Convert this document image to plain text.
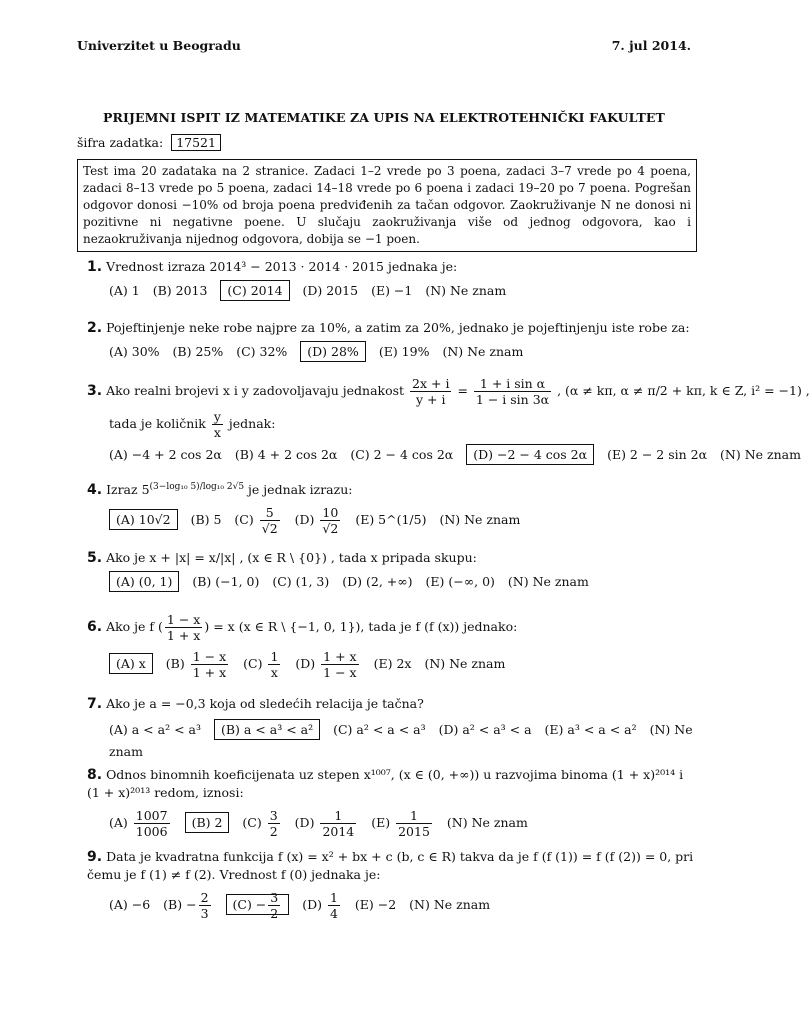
Univerzitet u Beogradu	7. jul 2014.
PRIJEMNI ISPIT IZ MATEMATIKE ZA UPIS NA ELEKTROTEHNIČKI FAKULTET
šifra zadatka: 17521
Test ima 20 zadataka na 2 stranice. Zadaci 1–2 vrede po 3 poena, zadaci 3–7 vrede po 4 poena, zadaci 8–13 vrede po 5 poena, zadaci 14–18 vrede po 6 poena i zadaci 19–20 po 7 poena. Pogrešan odgovor donosi −10% od broja poena predviđenih za tačan odgovor. Zaokruživanje N ne donosi ni pozitivne ni negativne poene. U slučaju zaokruživanja više od jednog odgovora, kao i nezaokruživanja nijednog odgovora, dobija se −1 poen.
1. Vrednost izraza 2014³ − 2013 · 2014 · 2015 jednaka je:
(A) 1 (B) 2013 (C) 2014 (D) 2015 (E) −1 (N) Ne znam
2. Pojeftinjenje neke robe najpre za 10%, a zatim za 20%, jednako je pojeftinjenju iste robe za:
(A) 30% (B) 25% (C) 32% (D) 28% (E) 19% (N) Ne znam
3. Ako realni brojevi x i y zadovoljavaju jednakost $\frac{2x + i}{y + i} = \frac{\text{1 + i sin α}}{\text{1 − i sin 3α}}$ , (α ≠ kπ, α ≠ π/2 + kπ, k ∈ Z, i² = −1) ,
tada je količnik $\frac{y}{x}$ jednak:
(A) −4 + 2 cos 2α (B) 4 + 2 cos 2α (C) 2 − 4 cos 2α (D) −2 − 4 cos 2α (E) 2 − 2 sin 2α (N) Ne znam
4. Izraz $5^{(3-log_{10} 5)/log_{10} 2√5}$ je jednak izrazu:
(A) 10√2 (B) 5 $(C) \frac{5}{√2} (D) \frac{10}{√2} (E)$ 5^(1/5) (N) Ne znam
5. Ako je x + |x| = x/|x| , (x ∈ R \ {0}) , tada x pripada skupu:
(A) (0, 1) (B) (−1, 0) (C) (1, 3) (D) (2, +∞) (E) (−∞, 0) (N) Ne znam
6. Ako je f ( $\frac{1 - x}{1 + x}$ ) = x (x ∈ R \ {−1, 0, 1}), tada je f (f (x)) jednako:
(A) x $(B) \frac{1 - x}{1 + x} (C) \frac{1}{x} (D) \frac{1 + x}{1 - x} (E)$ 2x (N) Ne znam
7. Ako je a = −0,3 koja od sledećih relacija je tačna?
(A) a < a² < a³ (B) a < a³ < a² (C) a² < a < a³ (D) a² < a³ < a (E) a³ < a < a² (N) Ne znam
8. Odnos binomnih koeficijenata uz stepen x¹⁰⁰⁷, (x ∈ (0, +∞)) u razvojima binoma (1 + x)²⁰¹⁴ i (1 + x)²⁰¹³ redom, iznosi:
$(A) \frac{1007}{1006} (B)$ 2 $(C) \frac{3}{2} (D) \frac{1}{2014} (E) \frac{1}{2015} (N)$ Ne znam
9. Data je kvadratna funkcija f (x) = x² + bx + c (b, c ∈ R) takva da je f (f (1)) = f (f (2)) = 0, pri čemu je f (1) ≠ f (2). Vrednost f (0) jednaka je:
(A) −6 $(B) - \frac{2}{3} (C) - \frac{3}{2} (D) \frac{1}{4} (E) -2$ (N) Ne znam
